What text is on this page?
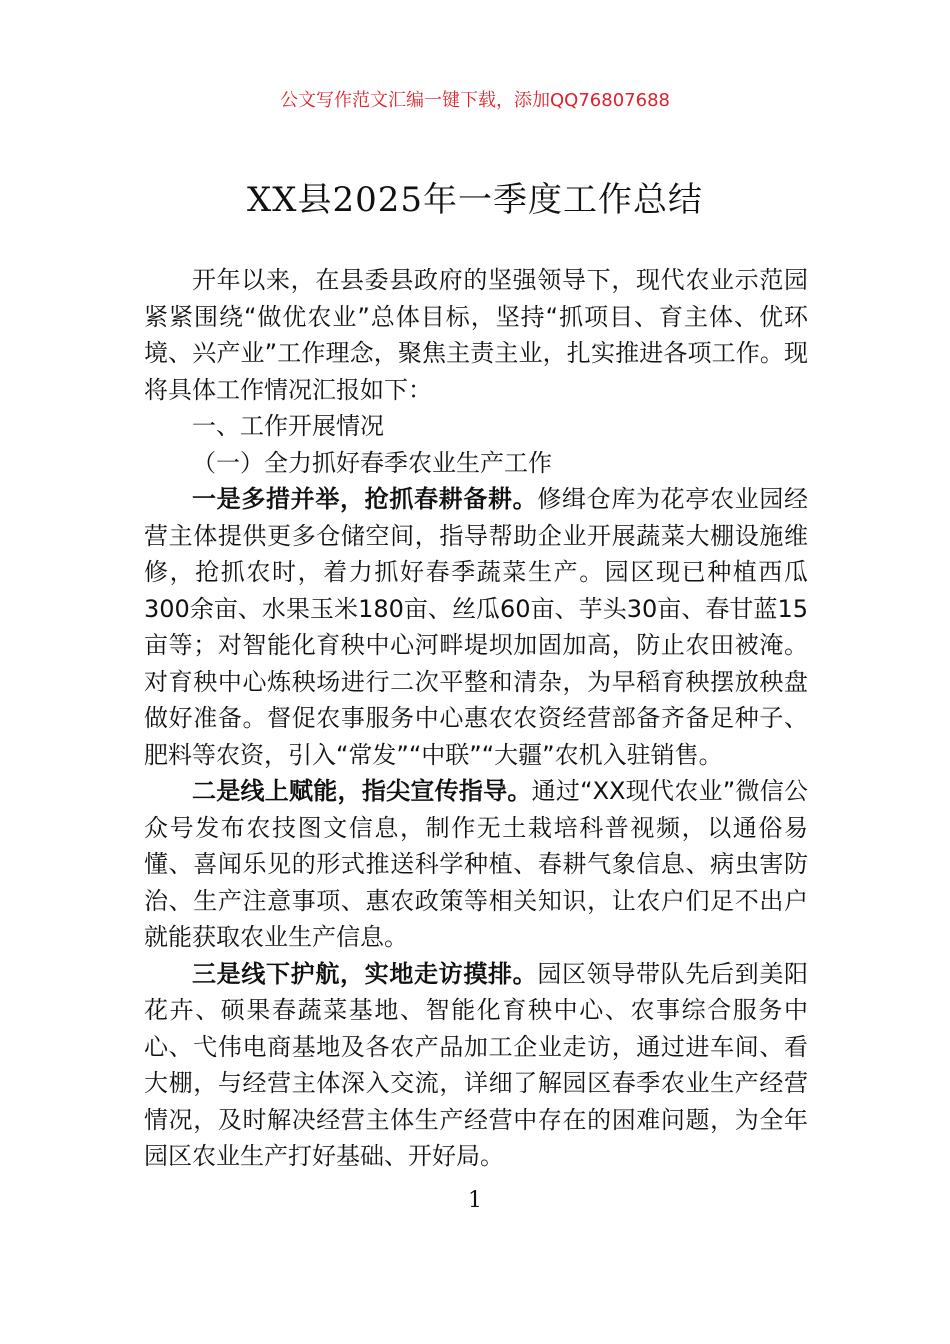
公文写作范文汇编一键下载，添加QQ76807688
XX县2025年一季度工作总结

开年以来，在县委县政府的坚强领导下，现代农业示范园紧紧围绕“做优农业”总体目标，坚持“抓项目、育主体、优环境、兴产业”工作理念，聚焦主责主业，扎实推进各项工作。现将具体工作情况汇报如下：

一、工作开展情况

（一）全力抓好春季农业生产工作

一是多措并举，抢抓春耕备耕。修缉仓库为花亭农业园经营主体提供更多仓储空间，指导帮助企业开展蔬菜大棚设施维修，抢抓农时，着力抓好春季蔬菜生产。园区现已种植西瓜300余亩、水果玉米180亩、丝瓜60亩、芋头30亩、春甘蓝15亩等；对智能化育秧中心河畔堤坝加固加高，防止农田被淹。对育秧中心炼秧场进行二次平整和清杂，为早稻育秧摆放秧盘做好准备。督促农事服务中心惠农农资经营部备齐备足种子、肥料等农资，引入“常发”“中联”“大疆”农机入驻销售。

二是线上赋能，指尖宣传指导。通过“XX现代农业”微信公众号发布农技图文信息，制作无土栽培科普视频，以通俗易懂、喜闻乐见的形式推送科学种植、春耕气象信息、病虫害防治、生产注意事项、惠农政策等相关知识，让农户们足不出户就能获取农业生产信息。

三是线下护航，实地走访摸排。园区领导带队先后到美阳花卉、硕果春蔬菜基地、智能化育秧中心、农事综合服务中心、弋伟电商基地及各农产品加工企业走访，通过进车间、看大棚，与经营主体深入交流，详细了解园区春季农业生产经营情况，及时解决经营主体生产经营中存在的困难问题，为全年园区农业生产打好基础、开好局。

1
